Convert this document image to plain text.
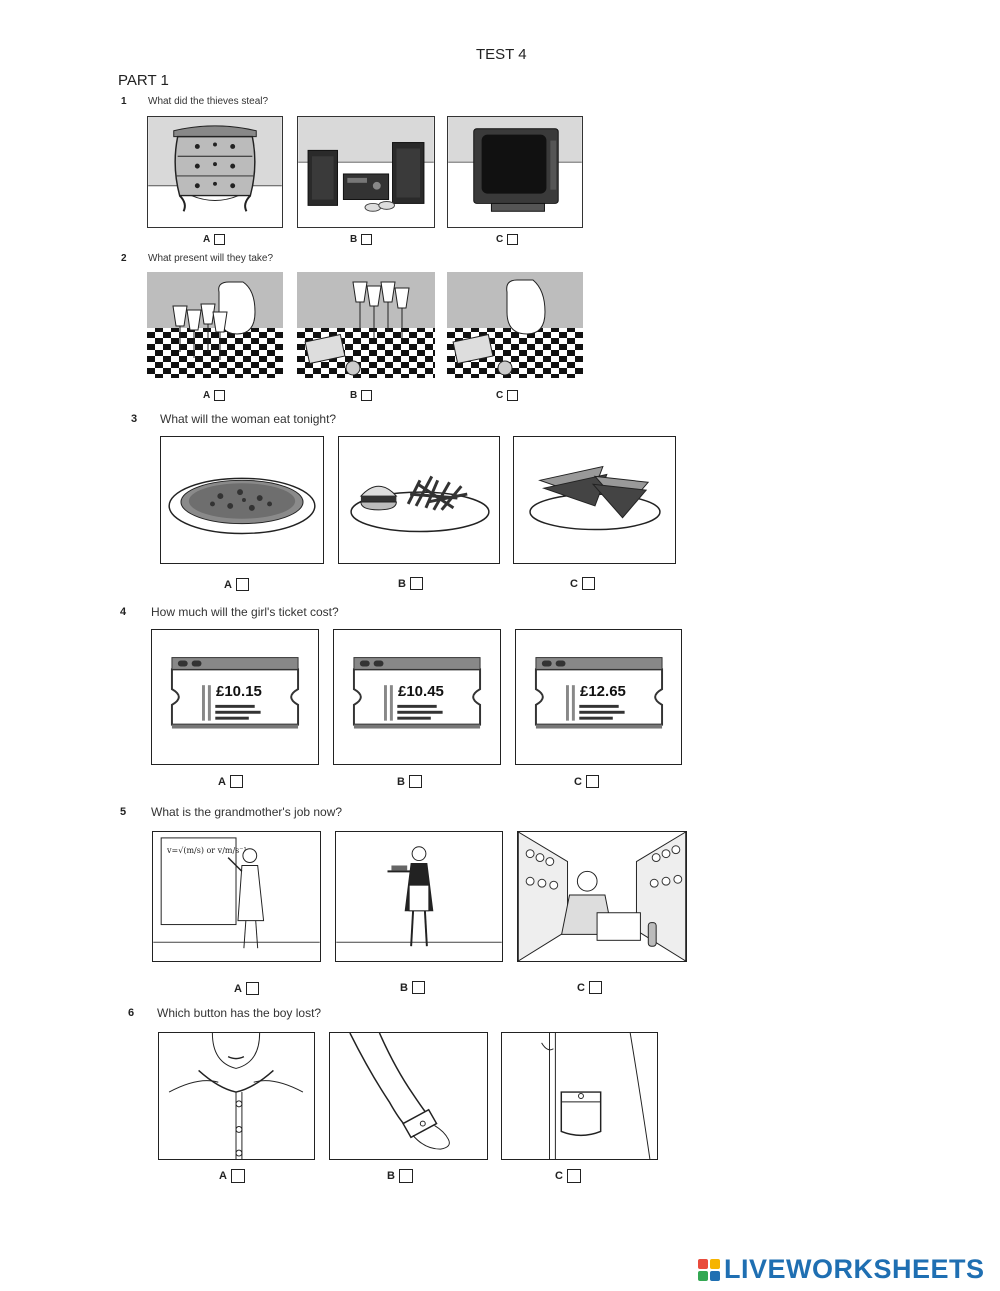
TEST 4
PART 1
1 What did the thieves steal?
A	B	C
2 What present will they take?
A	B	C
3 What will the woman eat tonight?
A	B	C
4 How much will the girl's ticket cost?
£10.15	£10.45	£12.65
A	B	C
5 What is the grandmother's job now?
v=√(m/s) or v/m/s⁻¹
A	B	C
6 Which button has the boy lost?
A	B	C
LIVEWORKSHEETS
